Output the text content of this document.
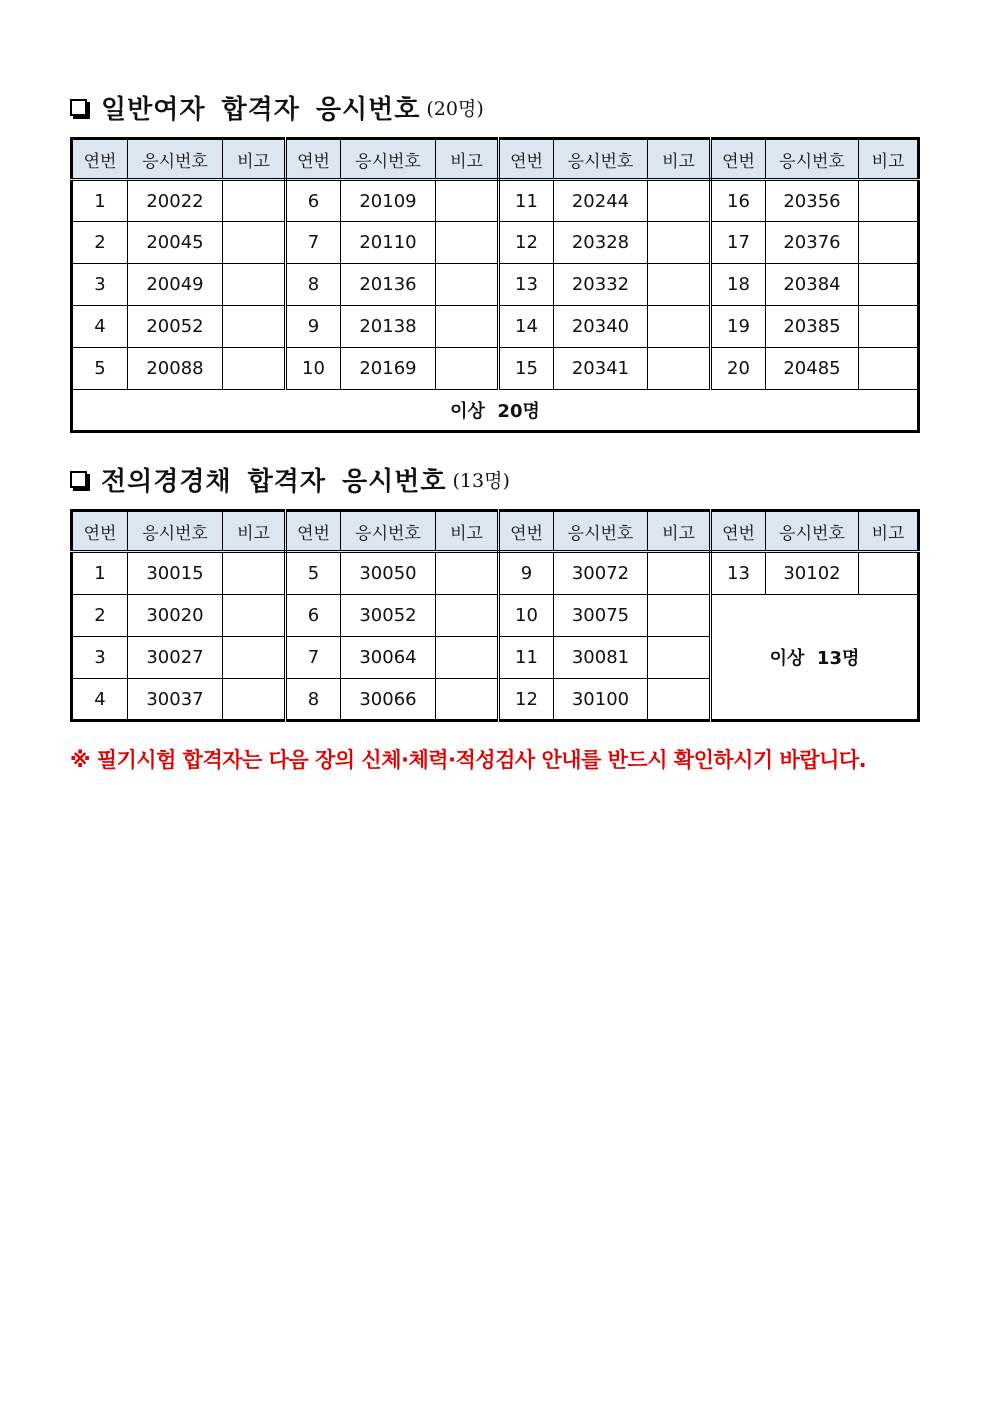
일반여자 합격자 응시번호 (20명)
연번	응시번호	비고	연번	응시번호	비고	연번	응시번호	비고	연번	응시번호	비고
1	20022		6	20109		11	20244		16	20356	
2	20045		7	20110		12	20328		17	20376	
3	20049		8	20136		13	20332		18	20384	
4	20052		9	20138		14	20340		19	20385	
5	20088		10	20169		15	20341		20	20485	
이상  20명											
전의경경채 합격자 응시번호 (13명)
연번	응시번호	비고	연번	응시번호	비고	연번	응시번호	비고	연번	응시번호	비고
1	30015		5	30050		9	30072		13	30102	
2	30020		6	30052		10	30075		이상  13명		
3	30027		7	30064		11	30081				
4	30037		8	30066		12	30100				
※ 필기시험 합격자는 다음 장의 신체·체력·적성검사 안내를 반드시 확인하시기 바랍니다.
